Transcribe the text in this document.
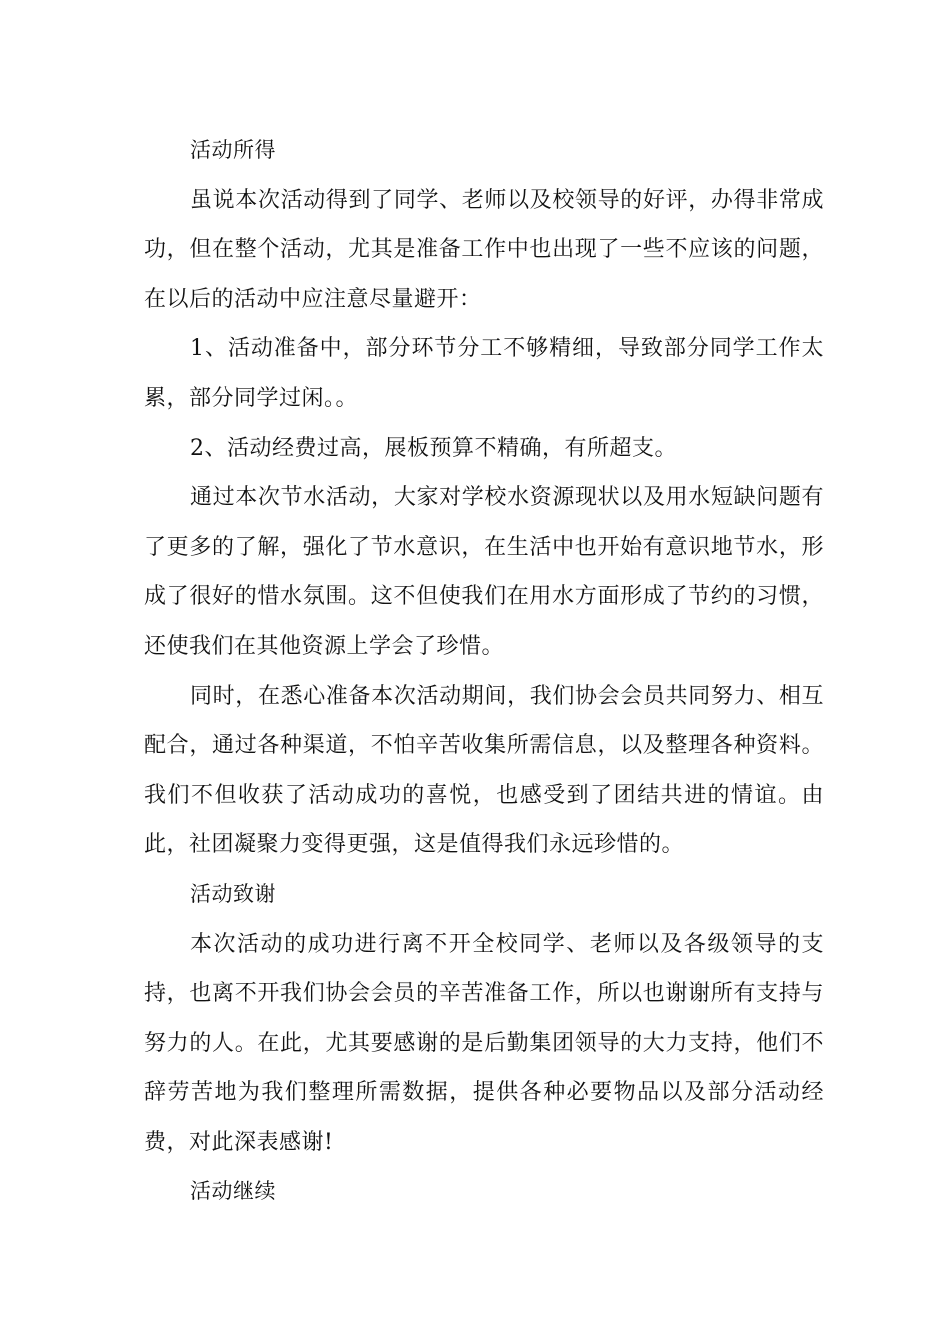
活动所得

虽说本次活动得到了同学、老师以及校领导的好评，办得非常成功，但在整个活动，尤其是准备工作中也出现了一些不应该的问题，在以后的活动中应注意尽量避开：

1、活动准备中，部分环节分工不够精细，导致部分同学工作太累，部分同学过闲。。

2、活动经费过高，展板预算不精确，有所超支。

通过本次节水活动，大家对学校水资源现状以及用水短缺问题有了更多的了解，强化了节水意识，在生活中也开始有意识地节水，形成了很好的惜水氛围。这不但使我们在用水方面形成了节约的习惯，还使我们在其他资源上学会了珍惜。

同时，在悉心准备本次活动期间，我们协会会员共同努力、相互配合，通过各种渠道，不怕辛苦收集所需信息，以及整理各种资料。我们不但收获了活动成功的喜悦，也感受到了团结共进的情谊。由此，社团凝聚力变得更强，这是值得我们永远珍惜的。

活动致谢

本次活动的成功进行离不开全校同学、老师以及各级领导的支持，也离不开我们协会会员的辛苦准备工作，所以也谢谢所有支持与努力的人。在此，尤其要感谢的是后勤集团领导的大力支持，他们不辞劳苦地为我们整理所需数据，提供各种必要物品以及部分活动经费，对此深表感谢!

活动继续
